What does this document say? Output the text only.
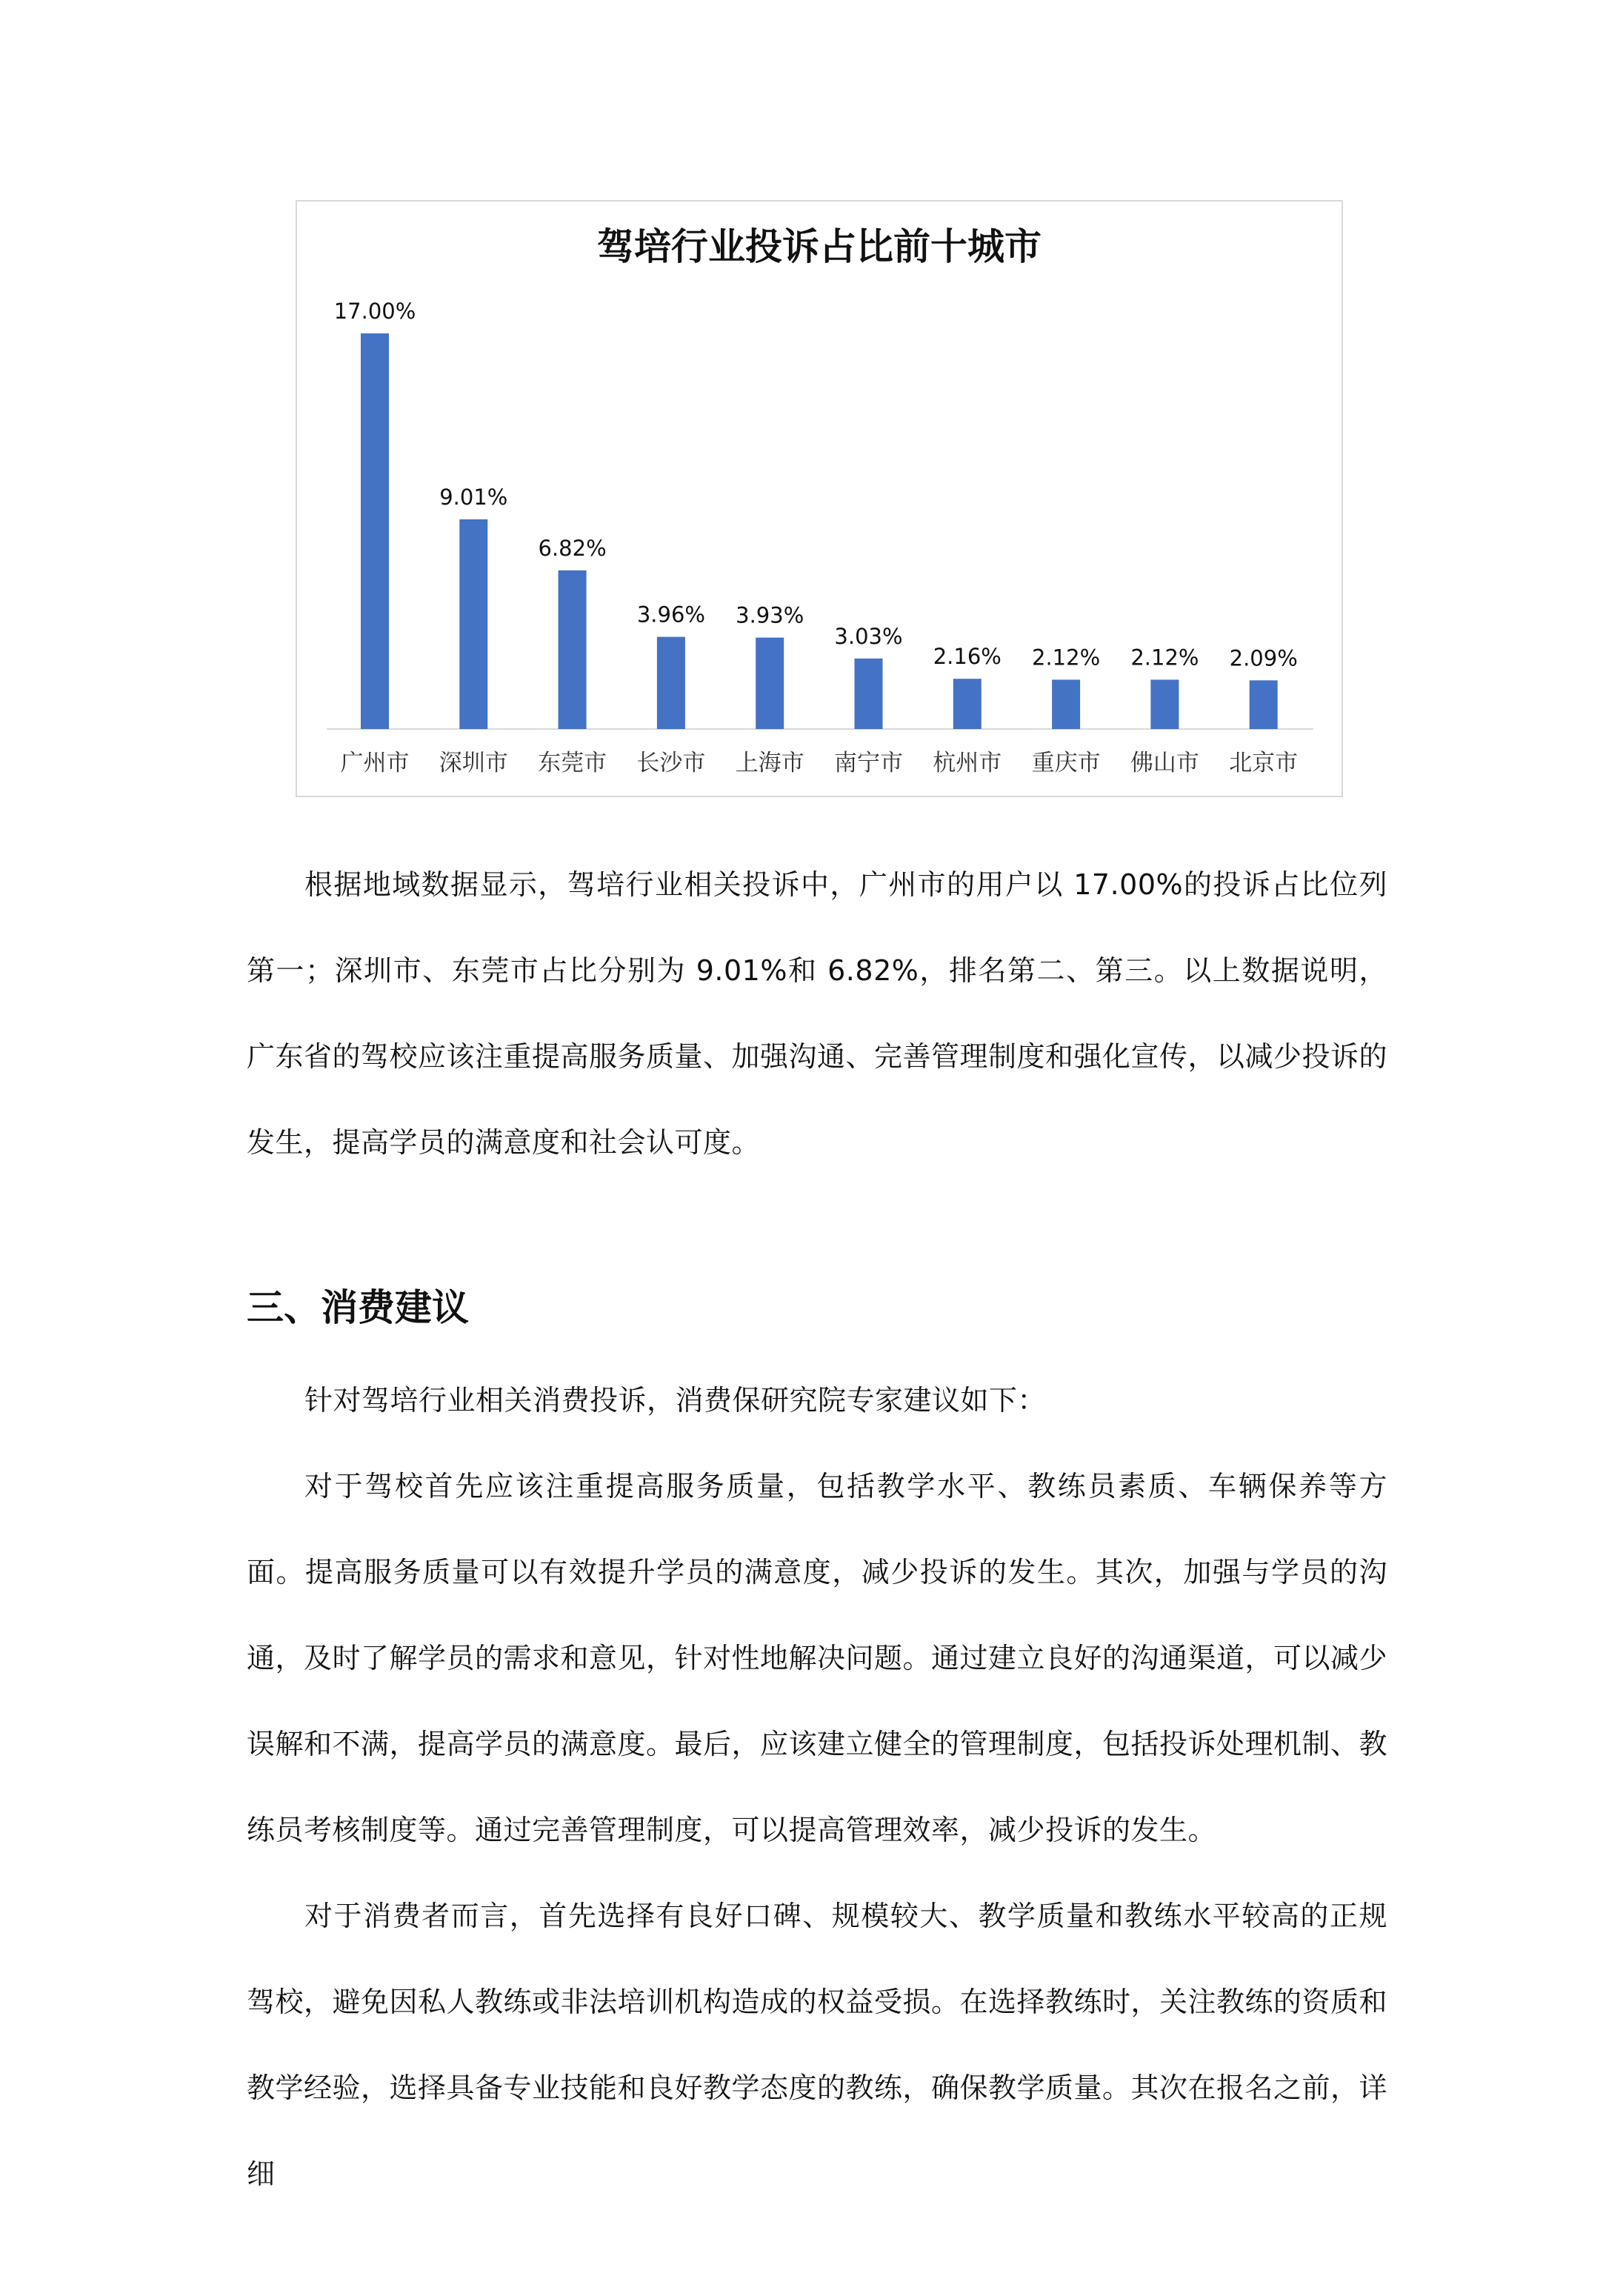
驾培行业投诉占比前十城市
17.00%
广州市
9.01%
深圳市
6.82%
东莞市
3.96%
长沙市
3.93%
上海市
3.03%
南宁市
2.16%
杭州市
2.12%
重庆市
2.12%
佛山市
2.09%
北京市

根据地域数据显示，驾培行业相关投诉中，广州市的用户以 17.00%的投诉占比位列第一；深圳市、东莞市占比分别为 9.01%和 6.82%，排名第二、第三。以上数据说明，广东省的驾校应该注重提高服务质量、加强沟通、完善管理制度和强化宣传，以减少投诉的发生，提高学员的满意度和社会认可度。

三、消费建议

针对驾培行业相关消费投诉，消费保研究院专家建议如下：

对于驾校首先应该注重提高服务质量，包括教学水平、教练员素质、车辆保养等方面。提高服务质量可以有效提升学员的满意度，减少投诉的发生。其次，加强与学员的沟通，及时了解学员的需求和意见，针对性地解决问题。通过建立良好的沟通渠道，可以减少误解和不满，提高学员的满意度。最后，应该建立健全的管理制度，包括投诉处理机制、教练员考核制度等。通过完善管理制度，可以提高管理效率，减少投诉的发生。

对于消费者而言，首先选择有良好口碑、规模较大、教学质量和教练水平较高的正规驾校，避免因私人教练或非法培训机构造成的权益受损。在选择教练时，关注教练的资质和教学经验，选择具备专业技能和良好教学态度的教练，确保教学质量。其次在报名之前，详细
